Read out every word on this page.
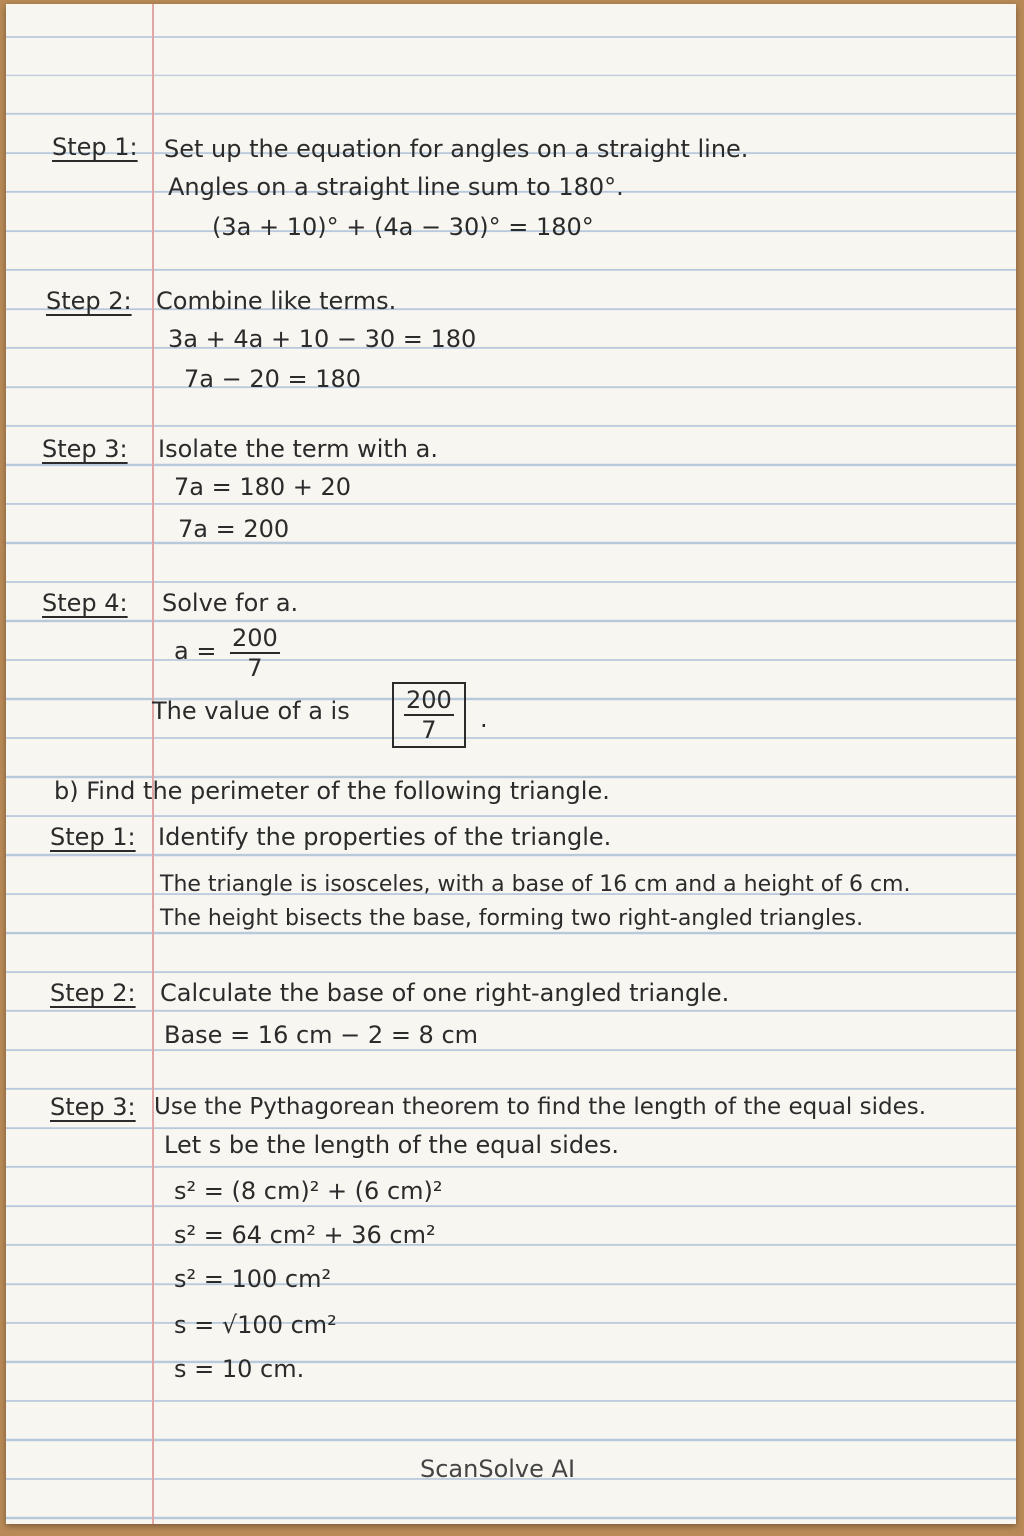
Step 1: Set up the equation for angles on a straight line.
Angles on a straight line sum to 180°.
(3a + 10)° + (4a − 30)° = 180°
Step 2: Combine like terms.
3a + 4a + 10 − 30 = 180
7a − 20 = 180
Step 3: Isolate the term with a.
7a = 180 + 20
7a = 200
Step 4: Solve for a.
$a = \frac{200}{7}$
The value of a is $\frac{200}{7}$ .
b) Find the perimeter of the following triangle.
Step 1: Identify the properties of the triangle.
The triangle is isosceles, with a base of 16 cm and a height of 6 cm.
The height bisects the base, forming two right-angled triangles.
Step 2: Calculate the base of one right-angled triangle.
Base = 16 cm − 2 = 8 cm
Step 3: Use the Pythagorean theorem to find the length of the equal sides.
Let s be the length of the equal sides.
s² = (8 cm)² + (6 cm)²
s² = 64 cm² + 36 cm²
s² = 100 cm²
s = √100 cm²
s = 10 cm.
ScanSolve AI
